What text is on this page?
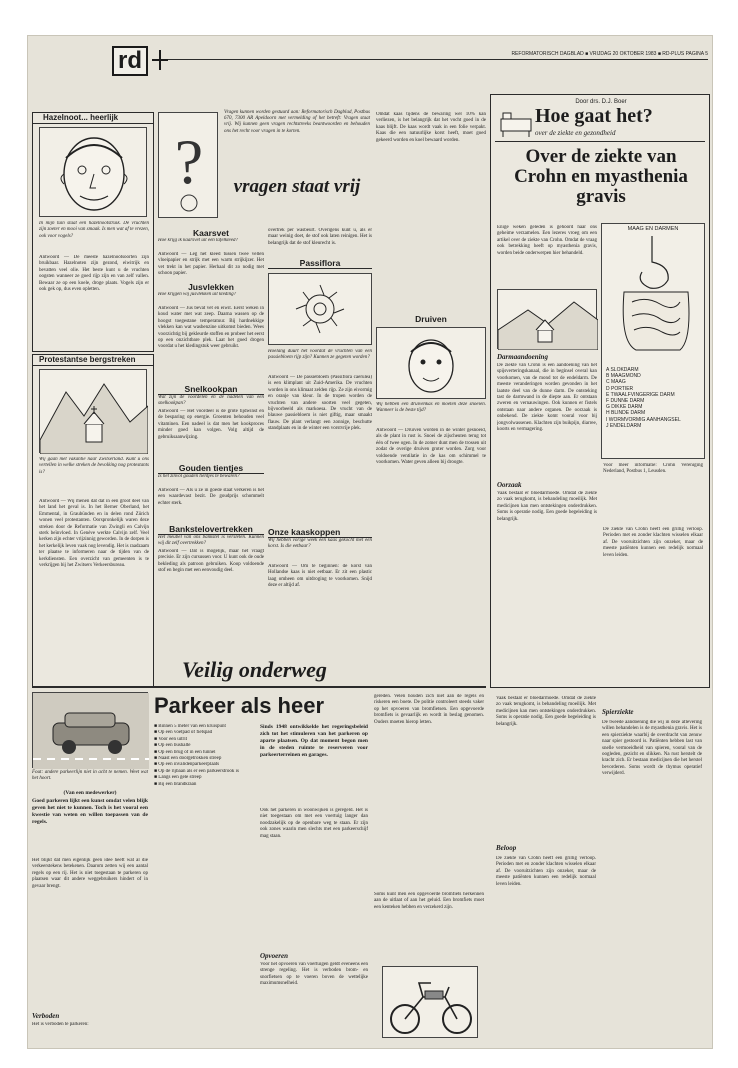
rd	REFORMATORISCH DAGBLAD ■ VRIJDAG 20 OKTOBER 1983 ■ RD-PLUS PAGINA 5
Hazelnoot... heerlijk
In mijn tuin staat een hazelnootstruik. De vruchten zijn zoeter en mooi van smaak. Is men wat af te vrezen, ook voor vogels?
Antwoord — De meeste hazelnootsoorten zijn bruikbaar. Hazelnoten zijn gezond, eiwitrijk en bevatten veel olie. Het beste kunt u de vruchten oogsten wanneer ze goed rijp zijn en van zelf vallen. Bewaar ze op een koele, droge plaats. Vogels zijn er ook gek op, dus even opletten.
Protestantse bergstreken
Wij gaan met vakantie naar Zwitserland. Kunt u ons vertellen in welke streken de bevolking nog protestants is?
Antwoord — Wij menen dat dat in een groot deel van het land het geval is. In het Berner Oberland, het Emmental, in Graubünden en in delen rond Zürich wonen veel protestanten. Oorspronkelijk waren deze streken door de Reformatie van Zwingli en Calvijn sterk beïnvloed. In Genève werkte Calvijn zelf. Veel kerken zijn echter vrijzinnig geworden. In de dorpen is het kerkelijk leven vaak nog levendig. Het is raadzaam ter plaatse te informeren naar de tijden van de kerkdiensten. Een overzicht van gemeenten is te verkrijgen bij het Zwitsers Verkeersbureau.
?
Vragen kunnen worden gestuurd aan: Reformatorisch Dagblad, Postbus 670, 7300 AR Apeldoorn met vermelding of het betreft: Vragen staat vrij. Wij kunnen geen vragen rechtstreeks beantwoorden en behouden ons het recht voor vragen in te korten.
vragen staat vrij
Kaarsvet
Hoe krijg ik kaarsvet uit een tafelkleed?
Antwoord — Leg het kleed tussen twee vellen vloeipapier en strijk met een warm strijkijzer. Het vet trekt in het papier. Herhaal dit zo nodig met schoon papier.
Jusvlekken
Hoe krijgen wij jusvlekken uit kleding?
Antwoord — Jus bevat vet en eiwit. Eerst weken in koud water met wat zeep. Daarna wassen op de hoogst toegestane temperatuur. Bij hardnekkige vlekken kan wat wasbenzine uitkomst bieden. Wees voorzichtig bij gekleurde stoffen en probeer het eerst op een onzichtbare plek. Laat het goed drogen voordat u het kledingstuk weer gebruikt.
Snelkookpan
Wat zijn de voordelen en de nadelen van een snelkookpan?
Antwoord — Het voordeel is de grote tijdwinst en de besparing op energie. Groenten behouden veel vitaminen. Een nadeel is dat men het kookproces minder goed kan volgen. Volg altijd de gebruiksaanwijzing.
Gouden tientjes
Is het zinvol gouden tientjes te bewaren?
Antwoord — Als u ze in goede staat verkeren is het een waardevast bezit. De goudprijs schommelt echter sterk.
Bankstelovertrekken
Het meubel van ons bankstel is versleten. Kunnen wij dit zelf overtrekken?
Antwoord — Dat is mogelijk, maar het vraagt precisie. Er zijn cursussen voor. U kunt ook de oude bekleding als patroon gebruiken. Koop voldoende stof en begin met een eenvoudig deel.
overtrek per wasbeurt. Overigens kunt u, als er maar weinig doet, de stof ook laten reinigen. Het is belangrijk dat de stof kleurecht is.
Passiflora
Hoelang duurt het voordat de vruchten van een passiebloem rijp zijn? Kunnen ze gegeten worden?
Antwoord — De passiebloem (Passiflora caerulea) is een klimplant uit Zuid-Amerika. De vruchten worden in ons klimaat zelden rijp. Ze zijn eivormig en oranje van kleur. In de tropen worden de vruchten van andere soorten veel gegeten, bijvoorbeeld als markoesa. De vrucht van de blauwe passiebloem is niet giftig, maar smaakt flauw. De plant verlangt een zonnige, beschutte standplaats en in de winter een vorstvrije plek.
Onze kaaskoppen
Wij hebben vorige week een kaas gekocht met een korst. Is die eetbaar?
Antwoord — Om te beginnen: de korst van Hollandse kaas is niet eetbaar. Er zit een plastic laag omheen om uitdroging te voorkomen. Snijd deze er altijd af.
Omdat kaas tijdens de bewaring wel 10% kan verliezen, is het belangrijk dat het vocht goed in de kaas blijft. De kaas wordt vaak in een folie verpakt. Kaas die een natuurlijke korst heeft, moet goed gekeerd worden en koel bewaard worden.
Druiven
Wij hebben een druivenkas en moeten deze snoeien. Wanneer is de beste tijd?
Antwoord — Druiven worden in de winter gesnoeid, als de plant in rust is. Snoei de zijscheuten terug tot één of twee ogen. In de zomer dunt men de trossen uit zodat de overige druiven groter worden. Zorg voor voldoende ventilatie in de kas om schimmel te voorkomen. Water geven alleen bij droogte.
Door drs. D.J. Boer
Hoe gaat het?
over de ziekte en gezondheid
Over de ziekte van Crohn en myasthenia gravis
Enige weken geleden is gehoord haar ons geheime verzamelen. Een lezeres vroeg om een artikel over de ziekte van Crohn. Omdat de vraag ook betrekking heeft op myasthenia gravis, worden beide onderwerpen hier behandeld.
MAAG EN DARMEN
A SLOKDARM
B MAAGMOND
C MAAG
D PORTIER
E TWAALFVINGERIGE DARM
F DUNNE DARM
G DIKKE DARM
H BLINDE DARM
I WORMVORMIG AANHANGSEL
J ENDELDARM
Darmaandoening
De ziekte van Crohn is een aandoening van het spijsverteringskanaal, die in beginsel overal kan voorkomen, van de mond tot de endeldarm. De meeste veranderingen worden gevonden in het laatste deel van de dunne darm. De ontsteking tast de darmwand in de diepte aan. Er ontstaan zweren en vernauwingen. Ook kunnen er fistels ontstaan naar andere organen. De oorzaak is onbekend. De ziekte komt vooral voor bij jongvolwassenen. Klachten zijn buikpijn, diarree, koorts en vermagering.
Oorzaak
Vaak bestaat er bloedarmoede. Omdat de ziekte zo vaak terugkomt, is behandeling moeilijk. Met medicijnen kan men ontstekingen onderdrukken. Soms is operatie nodig. Een goede begeleiding is belangrijk.
Voor meer informatie: Crohn Vereniging Nederland, Postbus 1, Leusden.
De ziekte van Crohn heeft een grillig verloop. Perioden met en zonder klachten wisselen elkaar af. De vooruitzichten zijn onzeker, maar de meeste patiënten kunnen een redelijk normaal leven leiden.
Beloop
De ziekte van Crohn heeft een grillig verloop. Perioden met en zonder klachten wisselen elkaar af. De vooruitzichten zijn onzeker, maar de meeste patiënten kunnen een redelijk normaal leven leiden.
Spierziekte
De tweede aandoening die wij in deze aflevering willen behandelen is de myasthenia gravis. Het is een spierziekte waarbij de overdracht van zenuw naar spier gestoord is. Patiënten hebben last van snelle vermoeidheid van spieren, vooral van de oogleden, gezicht en slikken. Na rust herstelt de kracht zich. Er bestaan medicijnen die het herstel bevorderen. Soms wordt de thymus operatief verwijderd.
Vaak bestaat er bloedarmoede. Omdat de ziekte zo vaak terugkomt, is behandeling moeilijk. Met medicijnen kan men ontstekingen onderdrukken. Soms is operatie nodig. Een goede begeleiding is belangrijk.
Veilig onderweg
Fout: andere parkeerlijn niet in acht te nemen. Weet wat het hoort.
(Van een medewerker)
Goed parkeren lijkt een kunst omdat velen blijk geven het niet te kunnen. Toch is het vooral een kwestie van weten en willen toepassen van de regels.
Het blijkt dat men eigenlijk geen idee heeft wat al die verkeerstekens betekenen. Daarom zetten wij een aantal regels op een rij. Het is niet toegestaan te parkeren op plaatsen waar dit andere weggebruikers hindert of in gevaar brengt.
Verboden
Het is verboden te parkeren:
Parkeer als heer
■ Binnen 5 meter van een kruispunt
■ Op een voetpad of fietspad
■ Voor een uitrit
■ Op een bushalte
■ Op een brug of in een tunnel
■ Naast een doorgetrokken streep
■ Op een invalidenparkeerplaats
■ Op de rijbaan als er een parkeerstrook is
■ Langs een gele streep
■ Bij een brandkraan
Sinds 1948 ontwikkelde het regeringsbeleid zich tot het stimuleren van het parkeren op aparte plaatsen. Op dat moment begon men in de steden ruimte te reserveren voor parkeerterreinen en garages.
Ook het parkeren in woonwijken is geregeld. Het is niet toegestaan om met een voertuig langer dan noodzakelijk op de openbare weg te staan. Er zijn ook zones waarin men slechts met een parkeerschijf mag staan.
Opvoeren
Voor het opvoeren van voertuigen geldt eveneens een strenge regeling. Het is verboden brom- en snorfietsen op te voeren boven de wettelijke maximumsnelheid.
gereden. Velen houden zich niet aan de regels en riskeren een boete. De politie controleert steeds vaker op het opvoeren van bromfietsen. Een opgevoerde bromfiets is gevaarlijk en wordt in beslag genomen. Ouders moeten hierop letten.
Soms kunt men een opgevoerde bromfiets herkennen aan de uitlaat of aan het geluid. Een bromfiets moet een kenteken hebben en verzekerd zijn.
